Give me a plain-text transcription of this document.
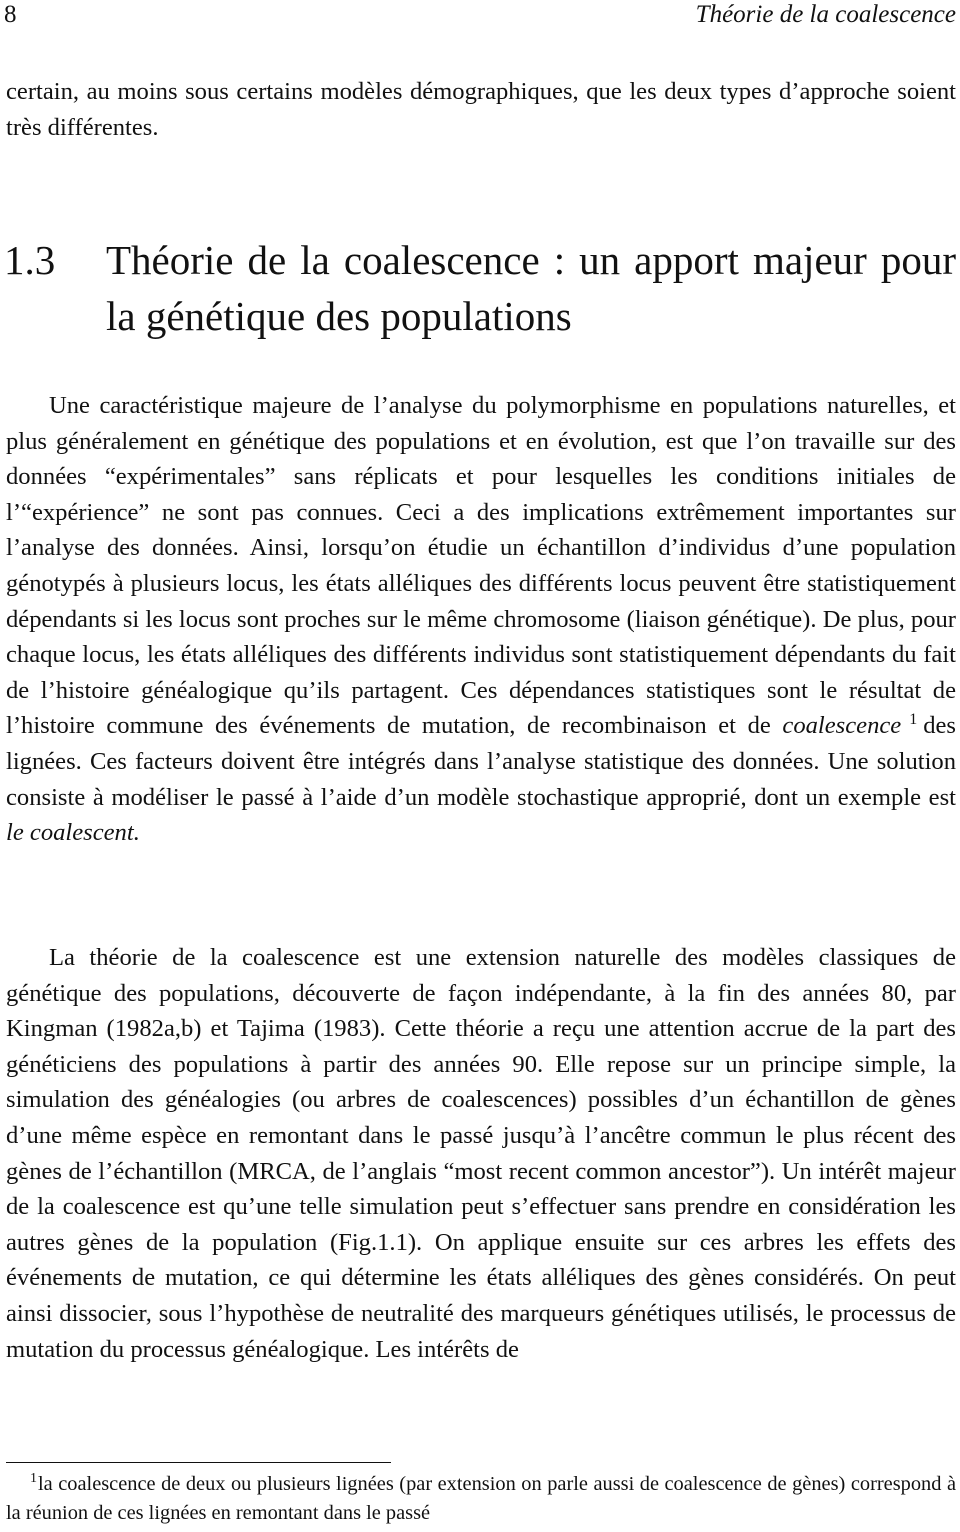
8	Théorie de la coalescence

certain, au moins sous certains modèles démographiques, que les deux types d’approche soient très différentes.

1.3 Théorie de la coalescence : un apport majeur pour la génétique des populations

Une caractéristique majeure de l’analyse du polymorphisme en populations naturelles, et plus généralement en génétique des populations et en évolution, est que l’on travaille sur des données “expérimentales” sans réplicats et pour lesquelles les conditions initiales de l’“expérience” ne sont pas connues. Ceci a des implications extrêmement importantes sur l’analyse des données. Ainsi, lorsqu’on étudie un échantillon d’individus d’une population génotypés à plusieurs locus, les états alléliques des différents locus peuvent être statistiquement dépendants si les locus sont proches sur le même chromosome (liaison génétique). De plus, pour chaque locus, les états alléliques des différents individus sont statistiquement dépendants du fait de l’histoire généalogique qu’ils partagent. Ces dépendances statistiques sont le résultat de l’histoire commune des événements de mutation, de recombinaison et de coalescence $^1$ des lignées. Ces facteurs doivent être intégrés dans l’analyse statistique des données. Une solution consiste à modéliser le passé à l’aide d’un modèle stochastique approprié, dont un exemple est le coalescent.

La théorie de la coalescence est une extension naturelle des modèles classiques de génétique des populations, découverte de façon indépendante, à la fin des années 80, par Kingman (1982a,b) et Tajima (1983). Cette théorie a reçu une attention accrue de la part des généticiens des populations à partir des années 90. Elle repose sur un principe simple, la simulation des généalogies (ou arbres de coalescences) possibles d’un échantillon de gènes d’une même espèce en remontant dans le passé jusqu’à l’ancêtre commun le plus récent des gènes de l’échantillon (MRCA, de l’anglais “most recent common ancestor”). Un intérêt majeur de la coalescence est qu’une telle simulation peut s’effectuer sans prendre en considération les autres gènes de la population (Fig.1.1). On applique ensuite sur ces arbres les effets des événements de mutation, ce qui détermine les états alléliques des gènes considérés. On peut ainsi dissocier, sous l’hypothèse de neutralité des marqueurs génétiques utilisés, le processus de mutation du processus généalogique. Les intérêts de

$^1$la coalescence de deux ou plusieurs lignées (par extension on parle aussi de coalescence de gènes) correspond à la réunion de ces lignées en remontant dans le passé
